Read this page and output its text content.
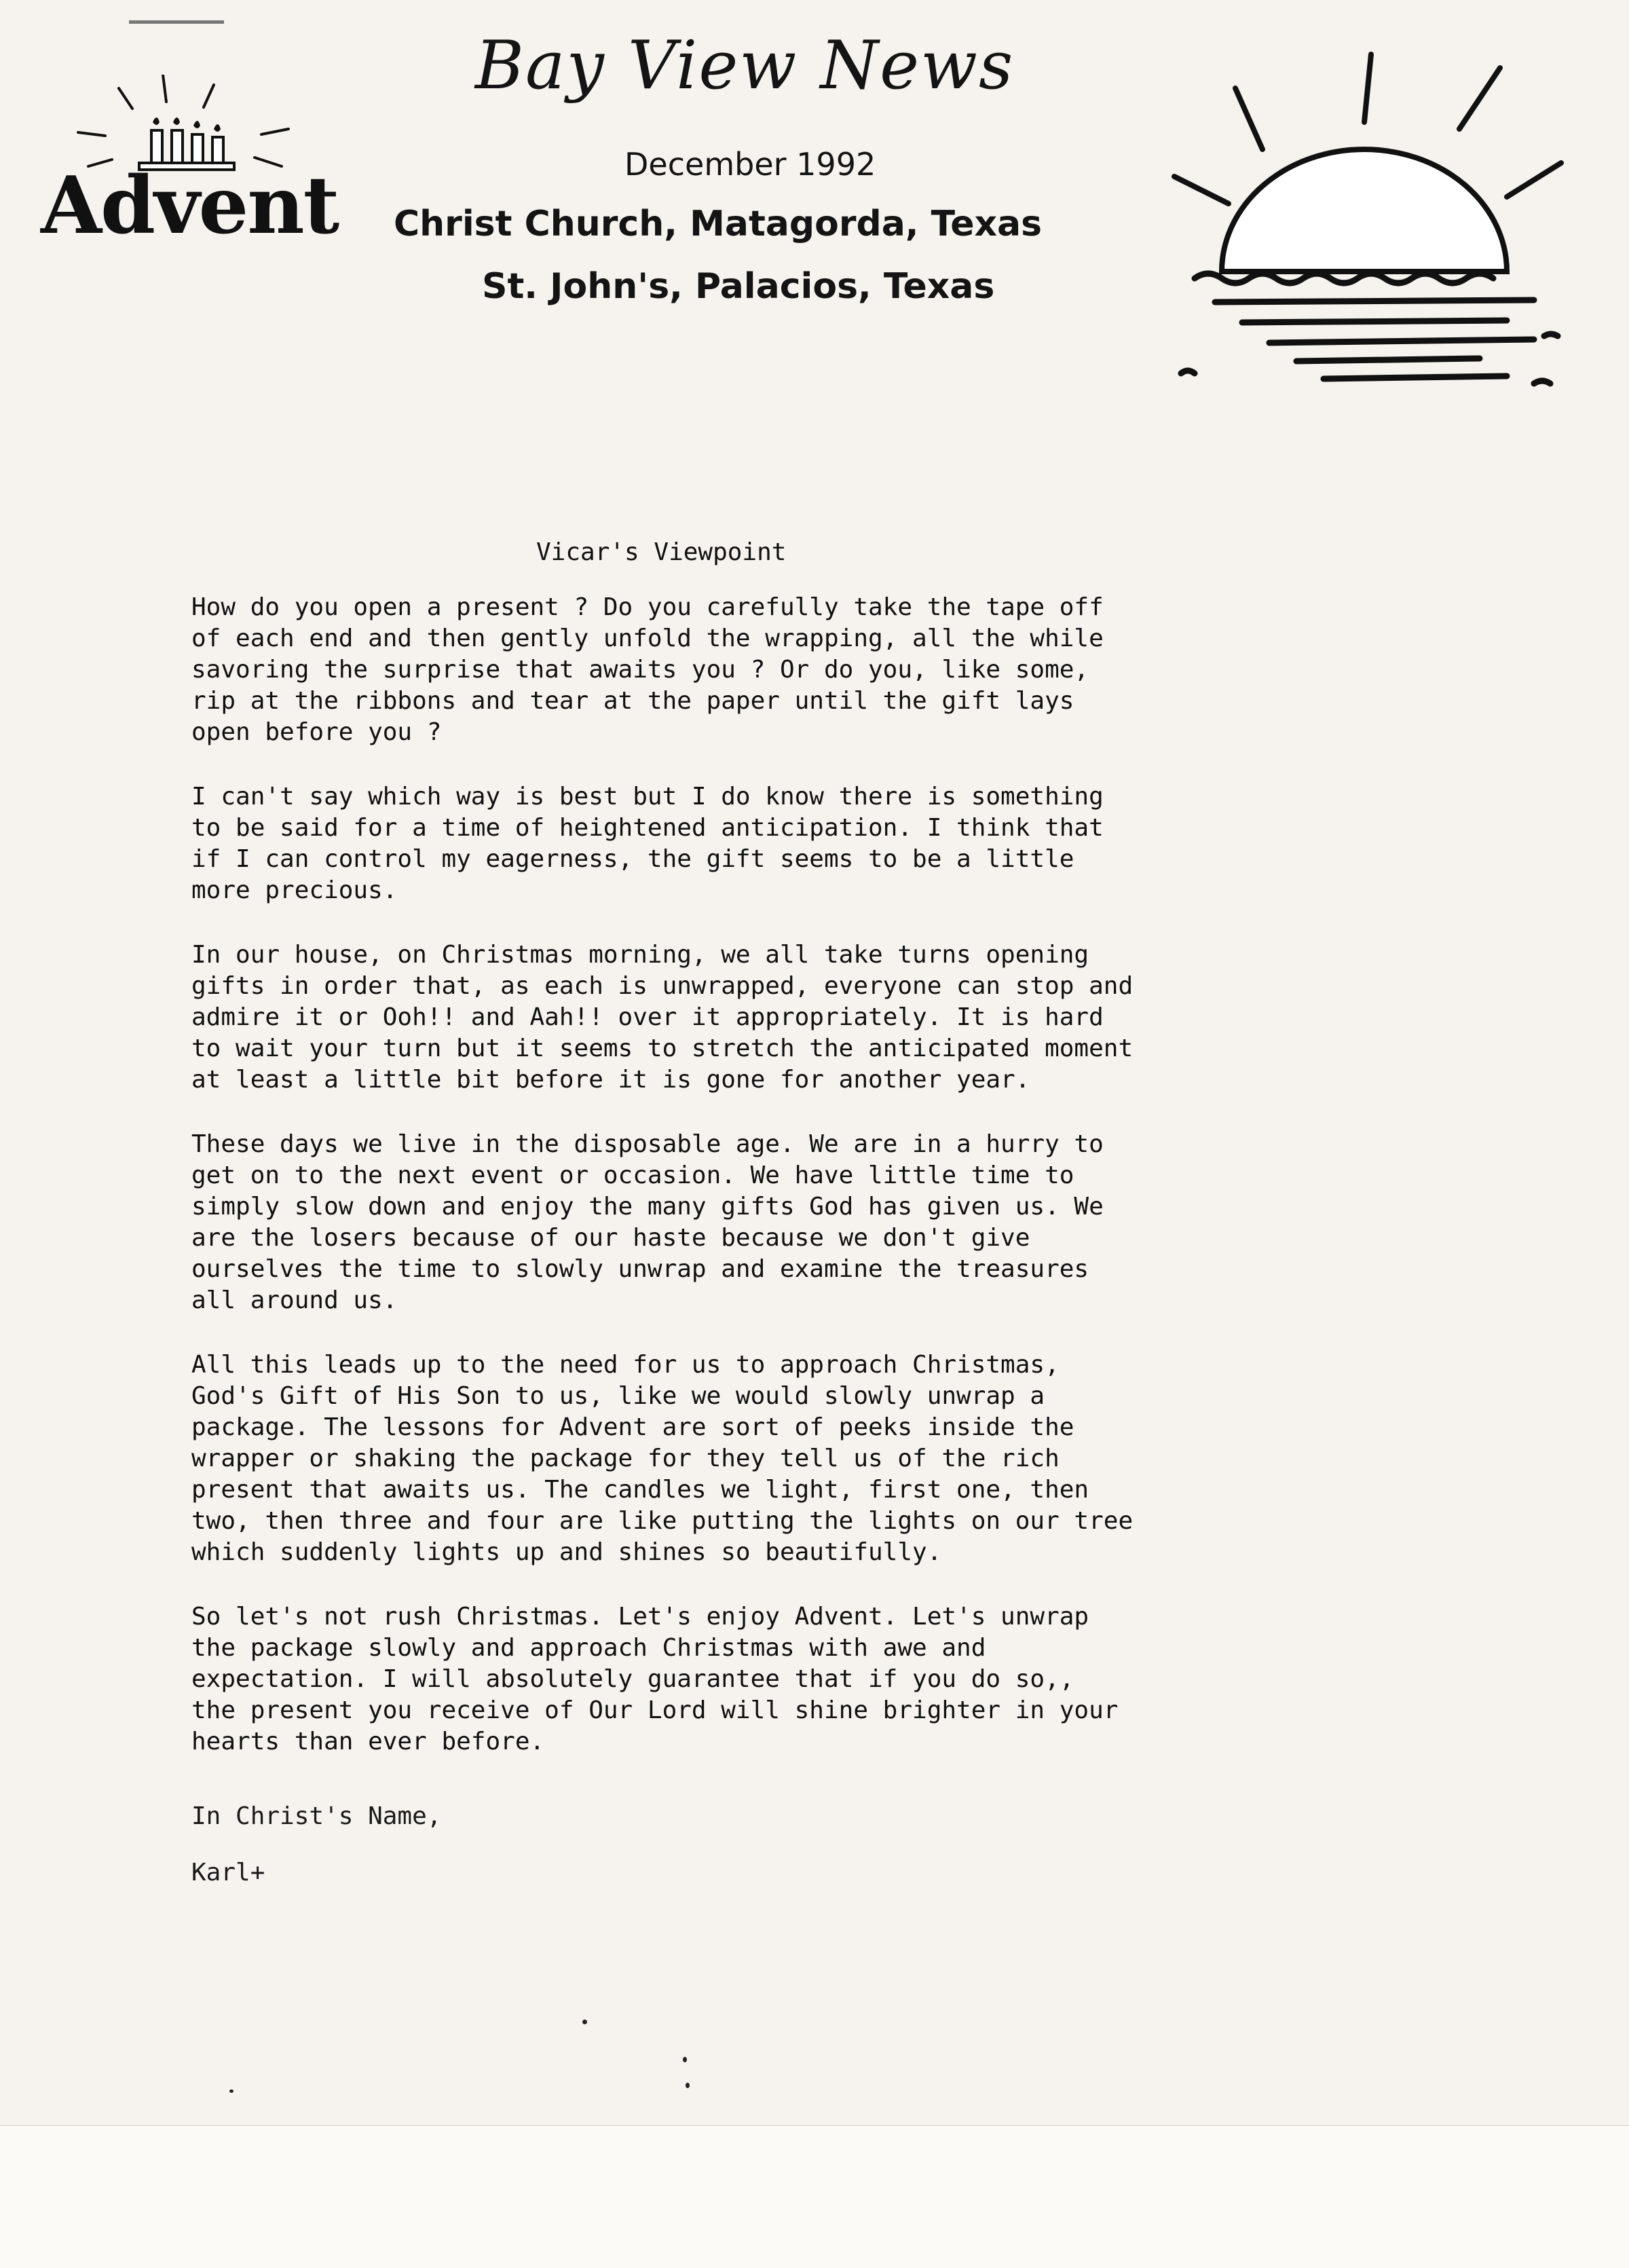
Advent
Bay View News
December 1992
Christ Church, Matagorda, Texas
St. John's, Palacios, Texas
Vicar's Viewpoint

How do you open a present ? Do you carefully take the tape off
of each end and then gently unfold the wrapping, all the while
savoring the surprise that awaits you ? Or do you, like some,
rip at the ribbons and tear at the paper until the gift lays
open before you ?

I can't say which way is best but I do know there is something
to be said for a time of heightened anticipation. I think that
if I can control my eagerness, the gift seems to be a little
more precious.

In our house, on Christmas morning, we all take turns opening
gifts in order that, as each is unwrapped, everyone can stop and
admire it or Ooh!! and Aah!! over it appropriately. It is hard
to wait your turn but it seems to stretch the anticipated moment
at least a little bit before it is gone for another year.

These days we live in the disposable age. We are in a hurry to
get on to the next event or occasion. We have little time to
simply slow down and enjoy the many gifts God has given us. We
are the losers because of our haste because we don't give
ourselves the time to slowly unwrap and examine the treasures
all around us.

All this leads up to the need for us to approach Christmas,
God's Gift of His Son to us, like we would slowly unwrap a
package. The lessons for Advent are sort of peeks inside the
wrapper or shaking the package for they tell us of the rich
present that awaits us. The candles we light, first one, then
two, then three and four are like putting the lights on our tree
which suddenly lights up and shines so beautifully.

So let's not rush Christmas. Let's enjoy Advent. Let's unwrap
the package slowly and approach Christmas with awe and
expectation. I will absolutely guarantee that if you do so,,
the present you receive of Our Lord will shine brighter in your
hearts than ever before.

In Christ's Name,
Karl+
